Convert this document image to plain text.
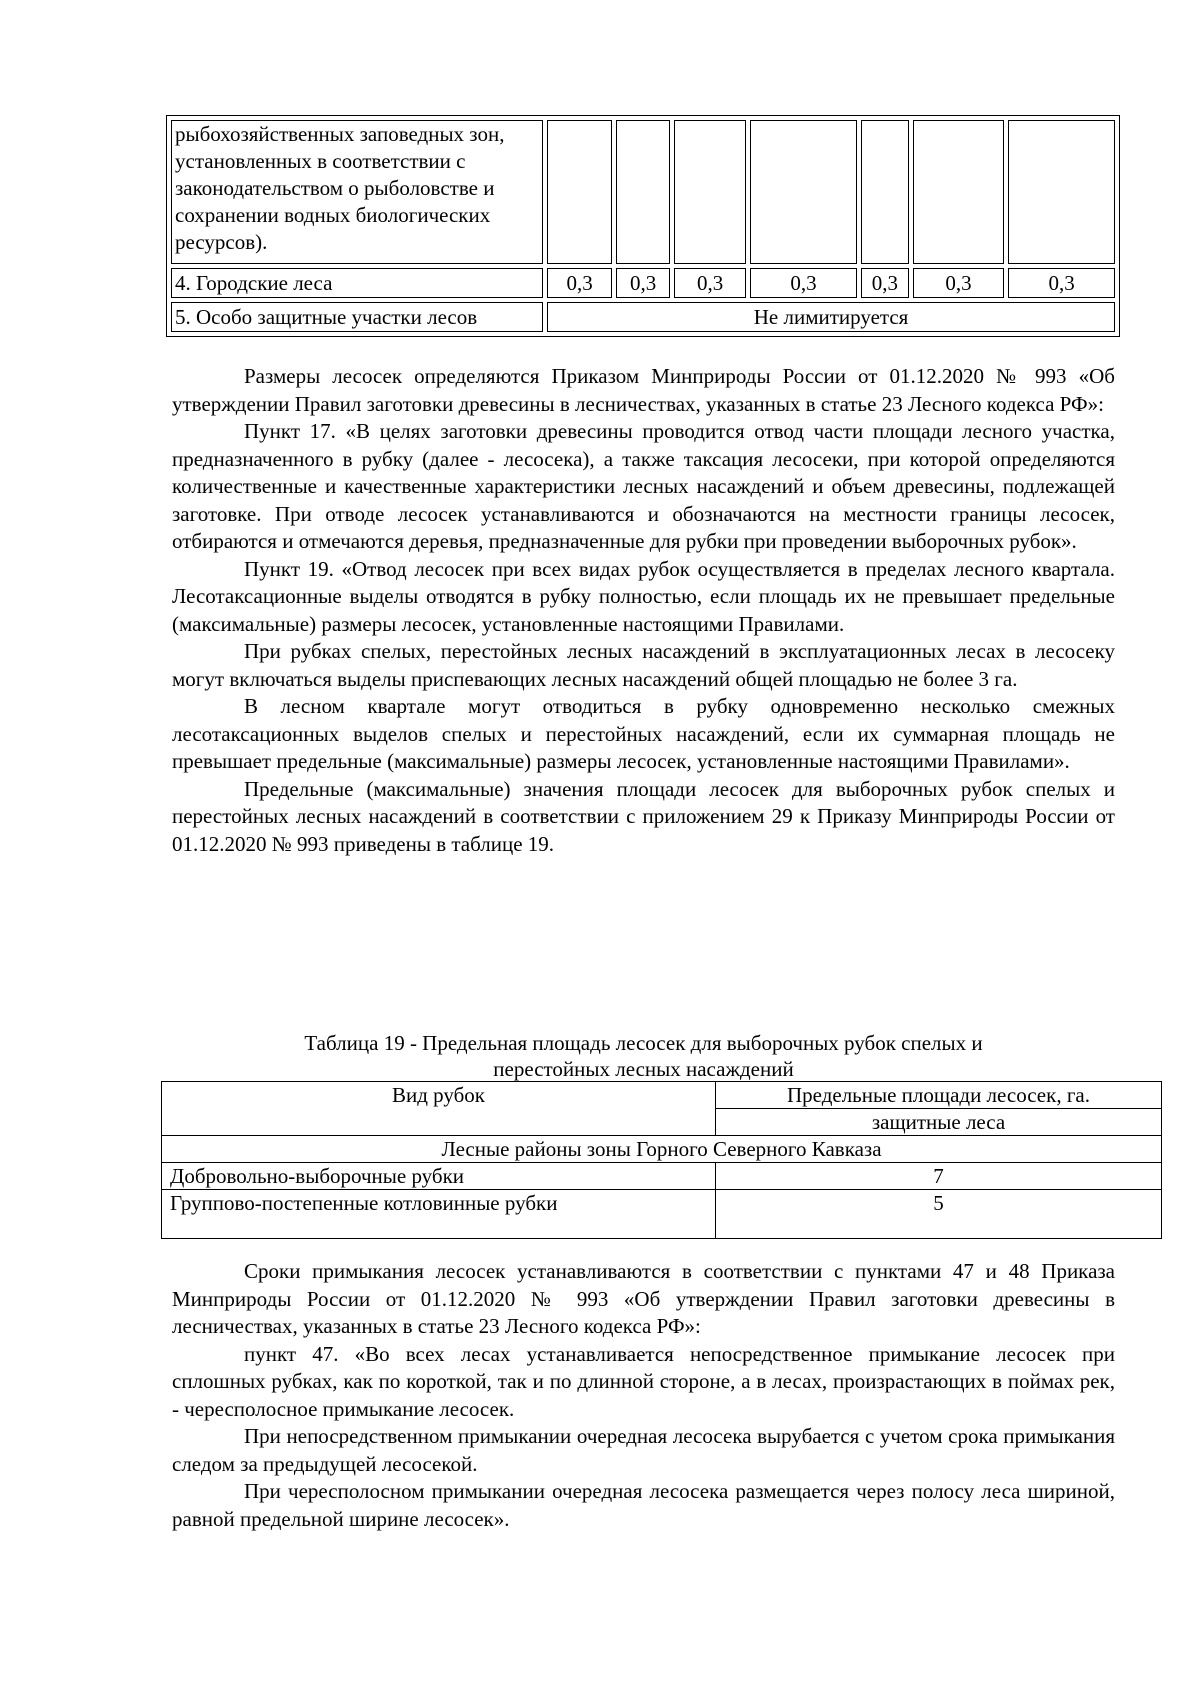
рыбохозяйственных заповедных зон, установленных в соответствии с законодательством о рыболовстве и сохранении водных биологических ресурсов).							
4. Городские леса	0,3	0,3	0,3	0,3	0,3	0,3	0,3
5. Особо защитные участки лесов	Не лимитируется						

Размеры лесосек определяются Приказом Минприроды России от 01.12.2020 № 993 «Об утверждении Правил заготовки древесины в лесничествах, указанных в статье 23 Лесного кодекса РФ»:

Пункт 17. «В целях заготовки древесины проводится отвод части площади лесного участка, предназначенного в рубку (далее - лесосека), а также таксация лесосеки, при которой определяются количественные и качественные характеристики лесных насаждений и объем древесины, подлежащей заготовке. При отводе лесосек устанавливаются и обозначаются на местности границы лесосек, отбираются и отмечаются деревья, предназначенные для рубки при проведении выборочных рубок».

Пункт 19. «Отвод лесосек при всех видах рубок осуществляется в пределах лесного квартала. Лесотаксационные выделы отводятся в рубку полностью, если площадь их не превышает предельные (максимальные) размеры лесосек, установленные настоящими Правилами.

При рубках спелых, перестойных лесных насаждений в эксплуатационных лесах в лесосеку могут включаться выделы приспевающих лесных насаждений общей площадью не более 3 га.

В лесном квартале могут отводиться в рубку одновременно несколько смежных лесотаксационных выделов спелых и перестойных насаждений, если их суммарная площадь не превышает предельные (максимальные) размеры лесосек, установленные настоящими Правилами».

Предельные (максимальные) значения площади лесосек для выборочных рубок спелых и перестойных лесных насаждений в соответствии с приложением 29 к Приказу Минприроды России от 01.12.2020 № 993 приведены в таблице 19.

Таблица 19 - Предельная площадь лесосек для выборочных рубок спелых и
перестойных лесных насаждений
Вид рубок	Предельные площади лесосек, га.
	защитные леса
Лесные районы зоны Горного Северного Кавказа	
Добровольно-выборочные рубки	7
Группово-постепенные котловинные рубки	5

Сроки примыкания лесосек устанавливаются в соответствии с пунктами 47 и 48 Приказа Минприроды России от 01.12.2020 № 993 «Об утверждении Правил заготовки древесины в лесничествах, указанных в статье 23 Лесного кодекса РФ»:

пункт 47. «Во всех лесах устанавливается непосредственное примыкание лесосек при сплошных рубках, как по короткой, так и по длинной стороне, а в лесах, произрастающих в поймах рек, - чересполосное примыкание лесосек.

При непосредственном примыкании очередная лесосека вырубается с учетом срока примыкания следом за предыдущей лесосекой.

При чересполосном примыкании очередная лесосека размещается через полосу леса шириной, равной предельной ширине лесосек».
